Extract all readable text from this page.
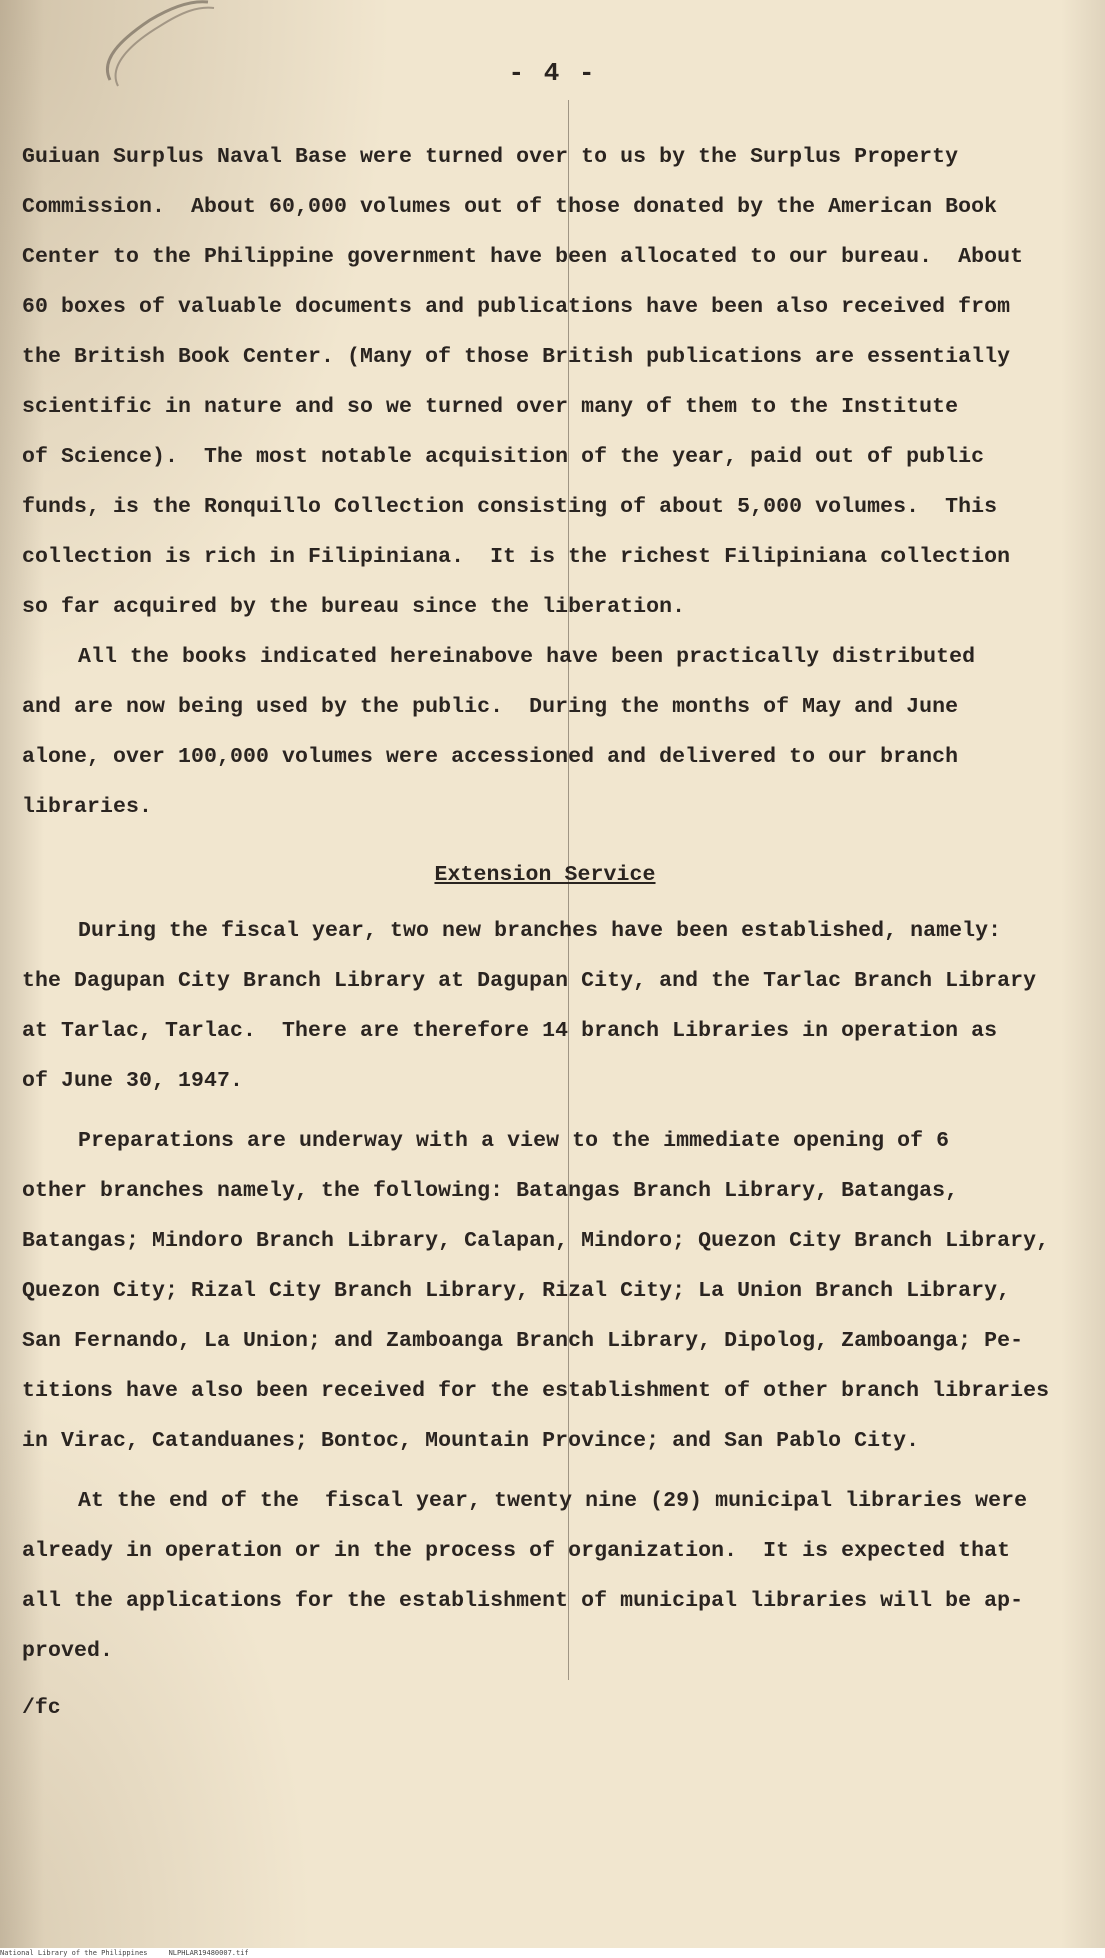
- 4 -
Guiuan Surplus Naval Base were turned over to us by the Surplus Property
Commission.  About 60,000 volumes out of those donated by the American Book
Center to the Philippine government have been allocated to our bureau.  About
60 boxes of valuable documents and publications have been also received from
the British Book Center. (Many of those British publications are essentially
scientific in nature and so we turned over many of them to the Institute
of Science).  The most notable acquisition of the year, paid out of public
funds, is the Ronquillo Collection consisting of about 5,000 volumes.  This
collection is rich in Filipiniana.  It is the richest Filipiniana collection
so far acquired by the bureau since the liberation.
All the books indicated hereinabove have been practically distributed
and are now being used by the public.  During the months of May and June
alone, over 100,000 volumes were accessioned and delivered to our branch
libraries.
Extension Service
During the fiscal year, two new branches have been established, namely:
the Dagupan City Branch Library at Dagupan City, and the Tarlac Branch Library
at Tarlac, Tarlac.  There are therefore 14 branch Libraries in operation as
of June 30, 1947.
Preparations are underway with a view to the immediate opening of 6
other branches namely, the following: Batangas Branch Library, Batangas,
Batangas; Mindoro Branch Library, Calapan, Mindoro; Quezon City Branch Library,
Quezon City; Rizal City Branch Library, Rizal City; La Union Branch Library,
San Fernando, La Union; and Zamboanga Branch Library, Dipolog, Zamboanga; Pe-
titions have also been received for the establishment of other branch libraries
in Virac, Catanduanes; Bontoc, Mountain Province; and San Pablo City.
At the end of the  fiscal year, twenty nine (29) municipal libraries were
already in operation or in the process of organization.  It is expected that
all the applications for the establishment of municipal libraries will be ap-
proved.
/fc
National Library of the Philippines     NLPHLAR19480007.tif
